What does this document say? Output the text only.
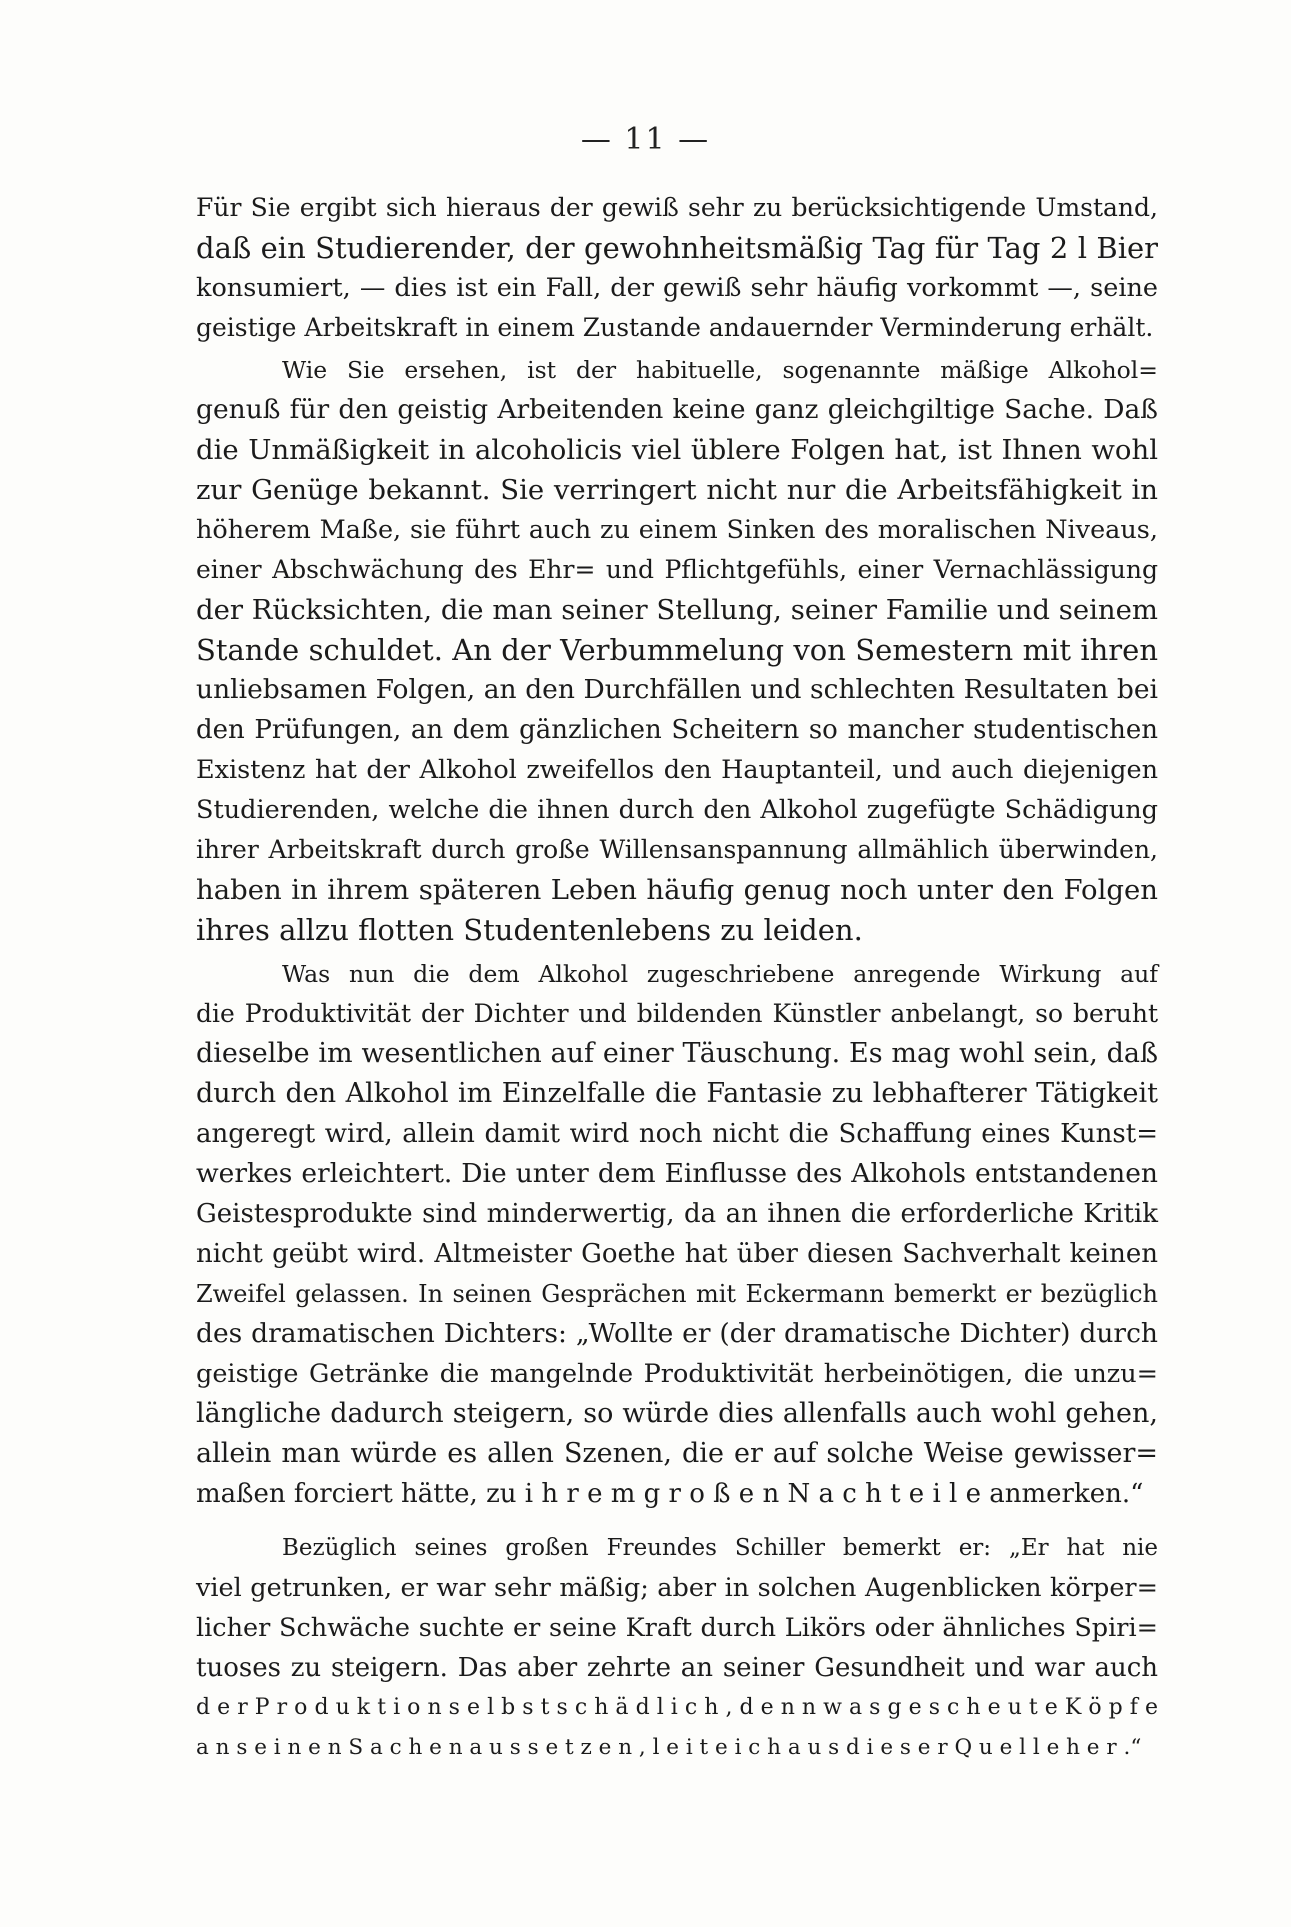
— 11 —
Für Sie ergibt sich hieraus der gewiß sehr zu berücksichtigende Umstand,
daß ein Studierender, der gewohnheitsmäßig Tag für Tag 2 l Bier
konsumiert, — dies ist ein Fall, der gewiß sehr häufig vorkommt —, seine
geistige Arbeitskraft in einem Zustande andauernder Verminderung erhält.
Wie Sie ersehen, ist der habituelle, sogenannte mäßige Alkohol=
genuß für den geistig Arbeitenden keine ganz gleichgiltige Sache. Daß
die Unmäßigkeit in alcoholicis viel üblere Folgen hat, ist Ihnen wohl
zur Genüge bekannt. Sie verringert nicht nur die Arbeitsfähigkeit in
höherem Maße, sie führt auch zu einem Sinken des moralischen Niveaus,
einer Abschwächung des Ehr= und Pflichtgefühls, einer Vernachlässigung
der Rücksichten, die man seiner Stellung, seiner Familie und seinem
Stande schuldet. An der Verbummelung von Semestern mit ihren
unliebsamen Folgen, an den Durchfällen und schlechten Resultaten bei
den Prüfungen, an dem gänzlichen Scheitern so mancher studentischen
Existenz hat der Alkohol zweifellos den Hauptanteil, und auch diejenigen
Studierenden, welche die ihnen durch den Alkohol zugefügte Schädigung
ihrer Arbeitskraft durch große Willensanspannung allmählich überwinden,
haben in ihrem späteren Leben häufig genug noch unter den Folgen
ihres allzu flotten Studentenlebens zu leiden.
Was nun die dem Alkohol zugeschriebene anregende Wirkung auf
die Produktivität der Dichter und bildenden Künstler anbelangt, so beruht
dieselbe im wesentlichen auf einer Täuschung. Es mag wohl sein, daß
durch den Alkohol im Einzelfalle die Fantasie zu lebhafterer Tätigkeit
angeregt wird, allein damit wird noch nicht die Schaffung eines Kunst=
werkes erleichtert. Die unter dem Einflusse des Alkohols entstandenen
Geistesprodukte sind minderwertig, da an ihnen die erforderliche Kritik
nicht geübt wird. Altmeister Goethe hat über diesen Sachverhalt keinen
Zweifel gelassen. In seinen Gesprächen mit Eckermann bemerkt er bezüglich
des dramatischen Dichters: „Wollte er (der dramatische Dichter) durch
geistige Getränke die mangelnde Produktivität herbeinötigen, die unzu=
längliche dadurch steigern, so würde dies allenfalls auch wohl gehen,
allein man würde es allen Szenen, die er auf solche Weise gewisser=
maßen forciert hätte, zu i h r e m g r o ß e n N a c h t e i l e anmerken.“
Bezüglich seines großen Freundes Schiller bemerkt er: „Er hat nie
viel getrunken, er war sehr mäßig; aber in solchen Augenblicken körper=
licher Schwäche suchte er seine Kraft durch Likörs oder ähnliches Spiri=
tuoses zu steigern. Das aber zehrte an seiner Gesundheit und war auch
d e r P r o d u k t i o n s e l b s t s c h ä d l i c h , d e n n w a s g e s c h e u t e K ö p f e
a n s e i n e n S a c h e n a u s s e t z e n , l e i t e i c h a u s d i e s e r Q u e l l e h e r .“
